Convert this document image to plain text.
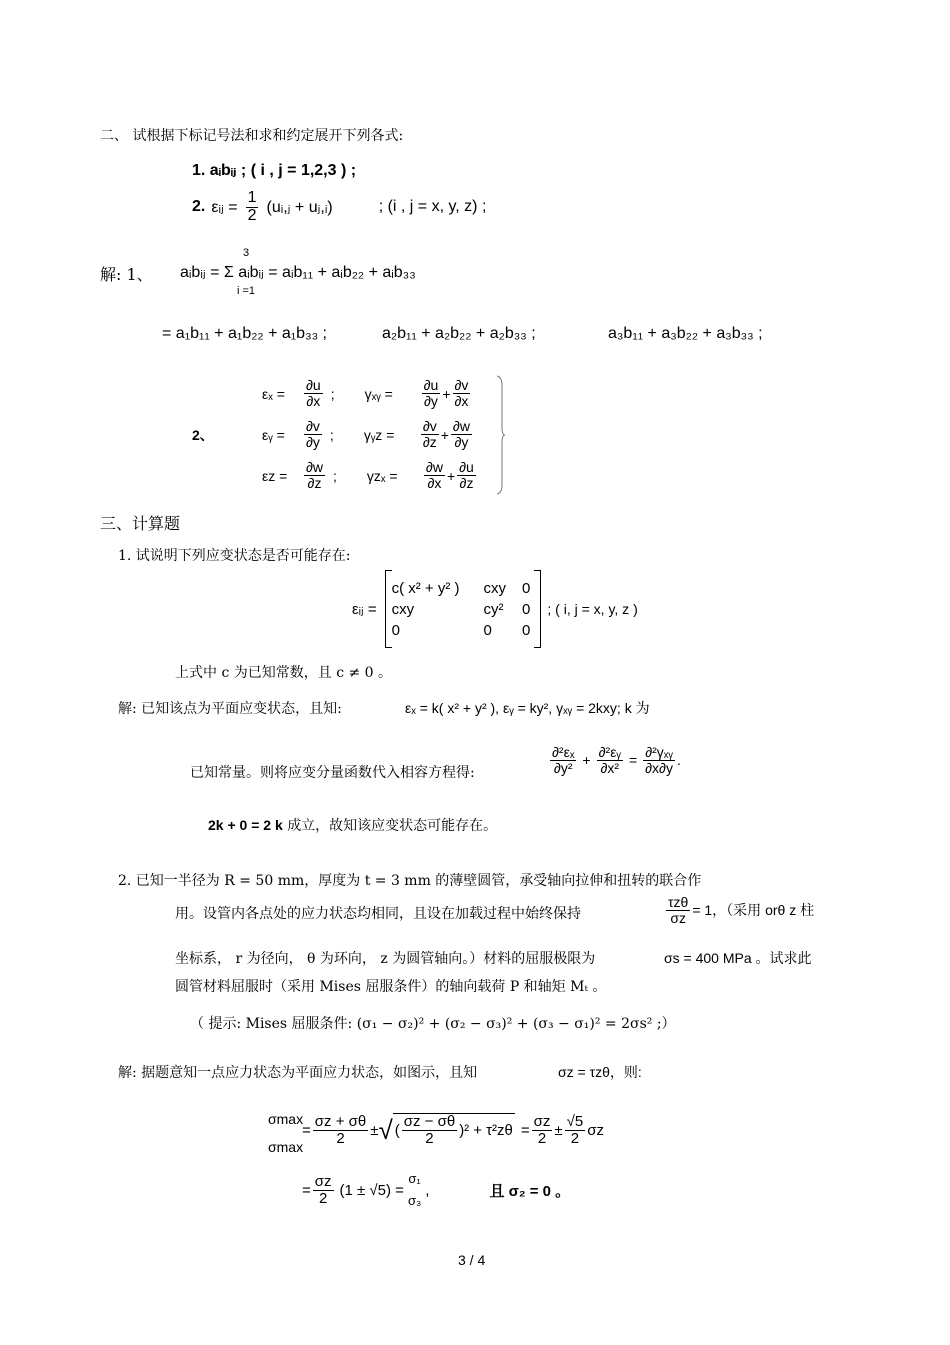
二、 试根据下标记号法和求和约定展开下列各式:
1. aᵢbᵢⱼ ; ( i , j = 1,2,3 ) ;
2. εᵢⱼ = $\frac{1}{2}$ (uᵢ,ⱼ + uⱼ,ᵢ)	; (i , j = x, y, z) ;
解: 1、
3
i =1
aᵢbᵢⱼ = Σ aᵢbᵢⱼ = aᵢb₁₁ + aᵢb₂₂ + aᵢb₃₃
= a₁b₁₁ + a₁b₂₂ + a₁b₃₃ ;	a₂b₁₁ + a₂b₂₂ + a₂b₃₃ ;	a₃b₁₁ + a₃b₂₂ + a₃b₃₃ ;
2、
εₓ =	$\frac{\partial u}{\partial x}$ ; γₓᵧ =	$\frac{\partial u}{\partial y} + \frac{\partial v}{\partial x}$
εᵧ =	$\frac{\partial v}{\partial y}$ ; γᵧz =	$\frac{\partial v}{\partial z} + \frac{\partial w}{\partial y}$
εz =	$\frac{\partial w}{\partial z}$ ; γzₓ =	$\frac{\partial w}{\partial x} + \frac{\partial u}{\partial z}$
三、计算题
1. 试说明下列应变状态是否可能存在:
εᵢⱼ =
c( x² + y² )	cxy	0
cxy	cy²	0
0	0	0
; ( i, j = x, y, z )
上式中 c 为已知常数，且 c ≠ 0 。
解: 已知该点为平面应变状态，且知:	εₓ = k( x² + y² ), εᵧ = ky², γₓᵧ = 2kxy; k 为
已知常量。则将应变分量函数代入相容方程得:	$\frac{\text{∂²εₓ}}{\text{∂y²}} + \frac{\text{∂²εᵧ}}{\text{∂x²}} = \frac{\text{∂²γₓᵧ}}{\partial x\partial y}$ .
2k + 0 = 2 k 成立，故知该应变状态可能存在。
2. 已知一半径为 R = 50 mm，厚度为 t = 3 mm 的薄壁圆管，承受轴向拉伸和扭转的联合作
用。设管内各点处的应力状态均相同，且设在加载过程中始终保持	$\frac{\text{τzθ}}{\sigma z} = 1$，（采用 orθ z 柱
坐标系， r 为径向， θ 为环向， z 为圆管轴向。）材料的屈服极限为	σs = 400 MPa 。试求此
圆管材料屈服时（采用 Mises 屈服条件）的轴向载荷 P 和轴矩 Mₜ 。
（ 提示: Mises 屈服条件: (σ₁ − σ₂)² + (σ₂ − σ₃)² + (σ₃ − σ₁)² = 2σs² ;）
解: 据题意知一点应力状态为平面应力状态，如图示，且知	σz = τzθ，则:
σmax
σmax
= $\frac{\sigma z + \sigma\theta}{2}$ ± √ ( $\frac{\sigma z - \sigma\theta}{2} )^2 + \tau^2z\theta = \frac{\sigma z}{2} \pm \frac{√5}{2}$ σz
= $\frac{\sigma z}{2} (1 \pm √5)$ =
σ₁
σ₃
,	且 σ₂ = 0 。
3 / 4
